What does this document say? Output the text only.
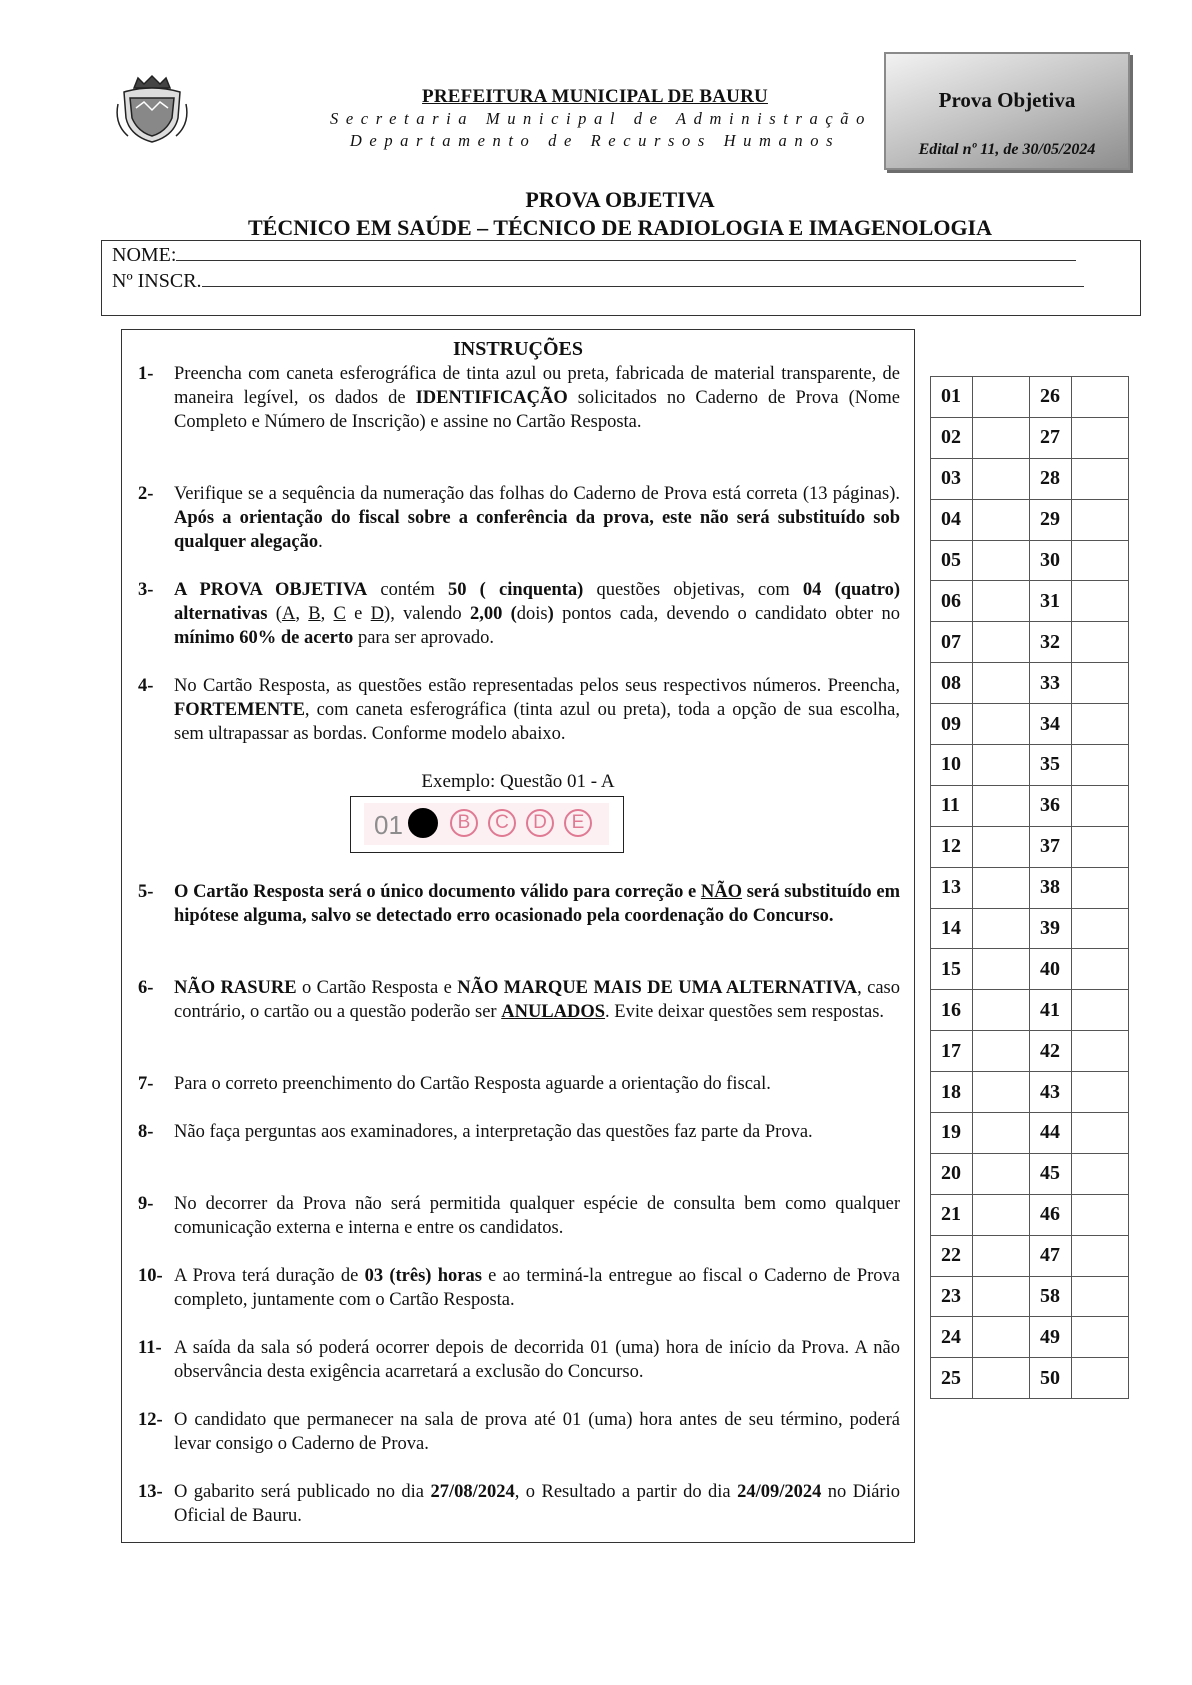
PREFEITURA MUNICIPAL DE BAURU
Secretaria Municipal de Administração
Departamento de Recursos Humanos
Prova Objetiva
Edital nº 11, de 30/05/2024
PROVA OBJETIVA
TÉCNICO EM SAÚDE – TÉCNICO DE RADIOLOGIA E IMAGENOLOGIA
NOME:
Nº INSCR.
INSTRUÇÕES
1- Preencha com caneta esferográfica de tinta azul ou preta, fabricada de material transparente, de maneira legível, os dados de IDENTIFICAÇÃO solicitados no Caderno de Prova (Nome Completo e Número de Inscrição) e assine no Cartão Resposta.
2- Verifique se a sequência da numeração das folhas do Caderno de Prova está correta (13 páginas). Após a orientação do fiscal sobre a conferência da prova, este não será substituído sob qualquer alegação.
3- A PROVA OBJETIVA contém 50 ( cinquenta) questões objetivas, com 04 (quatro) alternativas (A, B, C e D), valendo 2,00 (dois) pontos cada, devendo o candidato obter no mínimo 60% de acerto para ser aprovado.
4- No Cartão Resposta, as questões estão representadas pelos seus respectivos números. Preencha, FORTEMENTE, com caneta esferográfica (tinta azul ou preta), toda a opção de sua escolha, sem ultrapassar as bordas. Conforme modelo abaixo.
Exemplo: Questão 01 - A
01	B	C	D	E
5- O Cartão Resposta será o único documento válido para correção e NÃO será substituído em hipótese alguma, salvo se detectado erro ocasionado pela coordenação do Concurso.
6- NÃO RASURE o Cartão Resposta e NÃO MARQUE MAIS DE UMA ALTERNATIVA, caso contrário, o cartão ou a questão poderão ser ANULADOS. Evite deixar questões sem respostas.
7- Para o correto preenchimento do Cartão Resposta aguarde a orientação do fiscal.
8- Não faça perguntas aos examinadores, a interpretação das questões faz parte da Prova.
9- No decorrer da Prova não será permitida qualquer espécie de consulta bem como qualquer comunicação externa e interna e entre os candidatos.
10- A Prova terá duração de 03 (três) horas e ao terminá-la entregue ao fiscal o Caderno de Prova completo, juntamente com o Cartão Resposta.
11- A saída da sala só poderá ocorrer depois de decorrida 01 (uma) hora de início da Prova. A não observância desta exigência acarretará a exclusão do Concurso.
12- O candidato que permanecer na sala de prova até 01 (uma) hora antes de seu término, poderá levar consigo o Caderno de Prova.
13- O gabarito será publicado no dia 27/08/2024, o Resultado a partir do dia 24/09/2024 no Diário Oficial de Bauru.
01		26	
02		27	
03		28	
04		29	
05		30	
06		31	
07		32	
08		33	
09		34	
10		35	
11		36	
12		37	
13		38	
14		39	
15		40	
16		41	
17		42	
18		43	
19		44	
20		45	
21		46	
22		47	
23		58	
24		49	
25		50	
